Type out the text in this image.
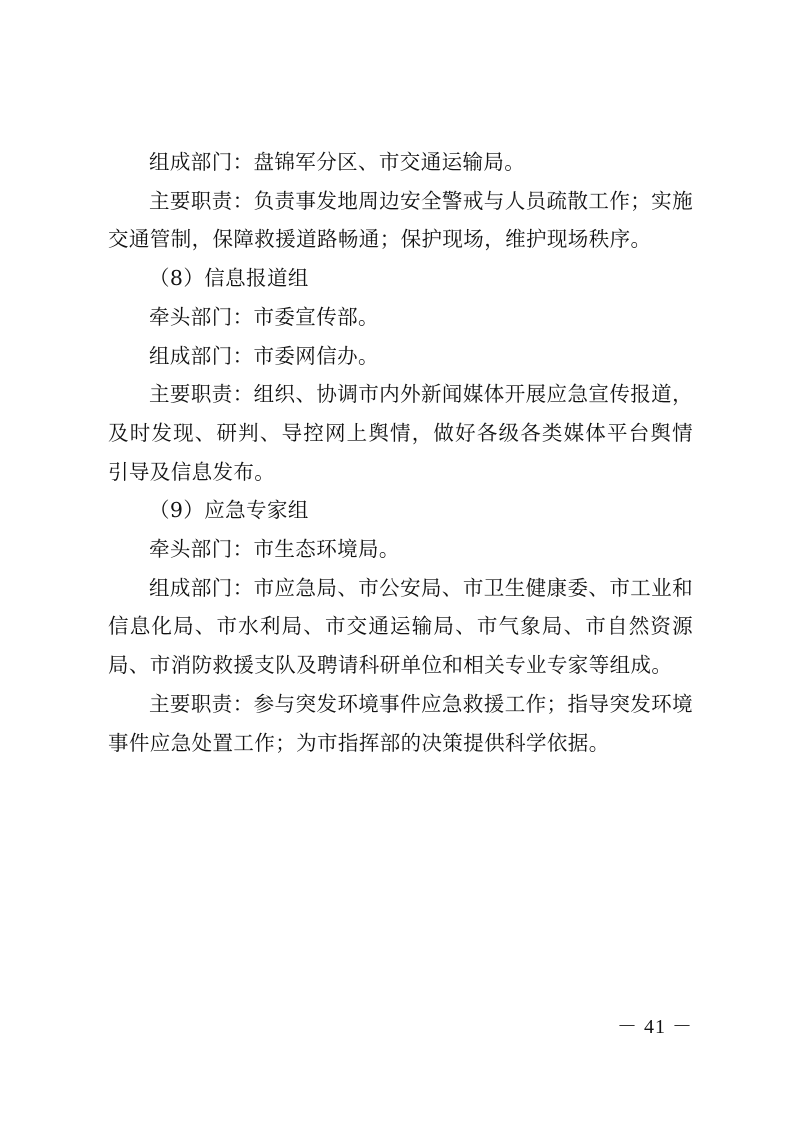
组成部门：盘锦军分区、市交通运输局。

主要职责：负责事发地周边安全警戒与人员疏散工作；实施交通管制，保障救援道路畅通；保护现场，维护现场秩序。

（8）信息报道组

牵头部门：市委宣传部。

组成部门：市委网信办。

主要职责：组织、协调市内外新闻媒体开展应急宣传报道，及时发现、研判、导控网上舆情，做好各级各类媒体平台舆情引导及信息发布。

（9）应急专家组

牵头部门：市生态环境局。

组成部门：市应急局、市公安局、市卫生健康委、市工业和信息化局、市水利局、市交通运输局、市气象局、市自然资源局、市消防救援支队及聘请科研单位和相关专业专家等组成。

主要职责：参与突发环境事件应急救援工作；指导突发环境事件应急处置工作；为市指挥部的决策提供科学依据。

－ 41 －
